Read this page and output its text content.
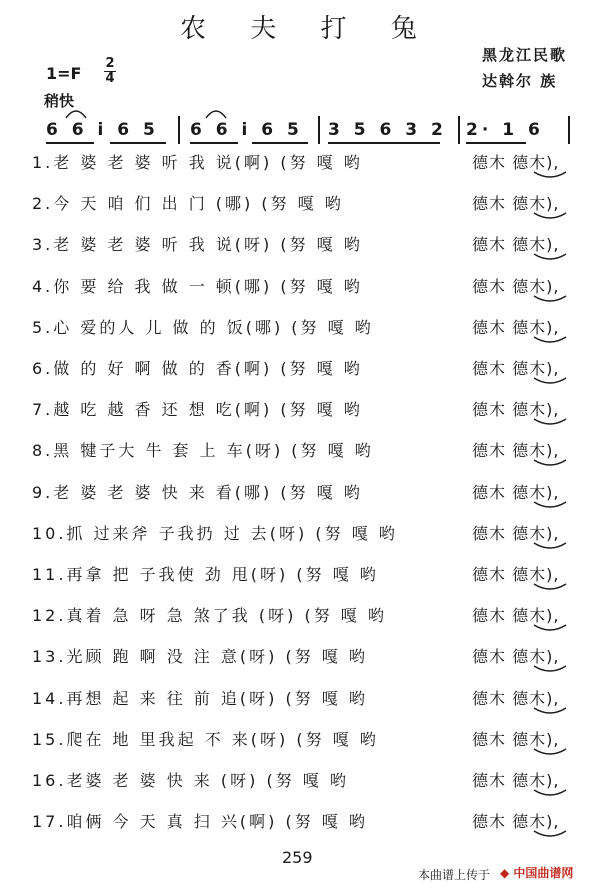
农 夫 打 兔
黑龙江民歌
达斡尔 族
1=F
2
4
稍快
6 6 i 6 5 6 6 i 6 5 3 5 6 3 2 2· 1 6
1.老 婆 老 婆 听 我 说(啊) (努 嘎 哟	德木 德木),
2.今 天 咱 们 出 门 (哪) (努 嘎 哟	德木 德木),
3.老 婆 老 婆 听 我 说(呀) (努 嘎 哟	德木 德木),
4.你 要 给 我 做 一 顿(哪) (努 嘎 哟	德木 德木),
5.心 爱的人 儿 做 的 饭(哪) (努 嘎 哟	德木 德木),
6.做 的 好 啊 做 的 香(啊) (努 嘎 哟	德木 德木),
7.越 吃 越 香 还 想 吃(啊) (努 嘎 哟	德木 德木),
8.黑 犍子大 牛 套 上 车(呀) (努 嘎 哟	德木 德木),
9.老 婆 老 婆 快 来 看(哪) (努 嘎 哟	德木 德木),
10.抓 过来斧 子我扔 过 去(呀) (努 嘎 哟	德木 德木),
11.再拿 把 子我使 劲 甩(呀) (努 嘎 哟	德木 德木),
12.真着 急 呀 急 煞了我 (呀) (努 嘎 哟	德木 德木),
13.光顾 跑 啊 没 注 意(呀) (努 嘎 哟	德木 德木),
14.再想 起 来 往 前 追(呀) (努 嘎 哟	德木 德木),
15.爬在 地 里我起 不 来(呀) (努 嘎 哟	德木 德木),
16.老婆 老 婆 快 来 (呀) (努 嘎 哟	德木 德木),
17.咱俩 今 天 真 扫 兴(啊) (努 嘎 哟	德木 德木),
259
本曲谱上传于 ◆ 中国曲谱网
